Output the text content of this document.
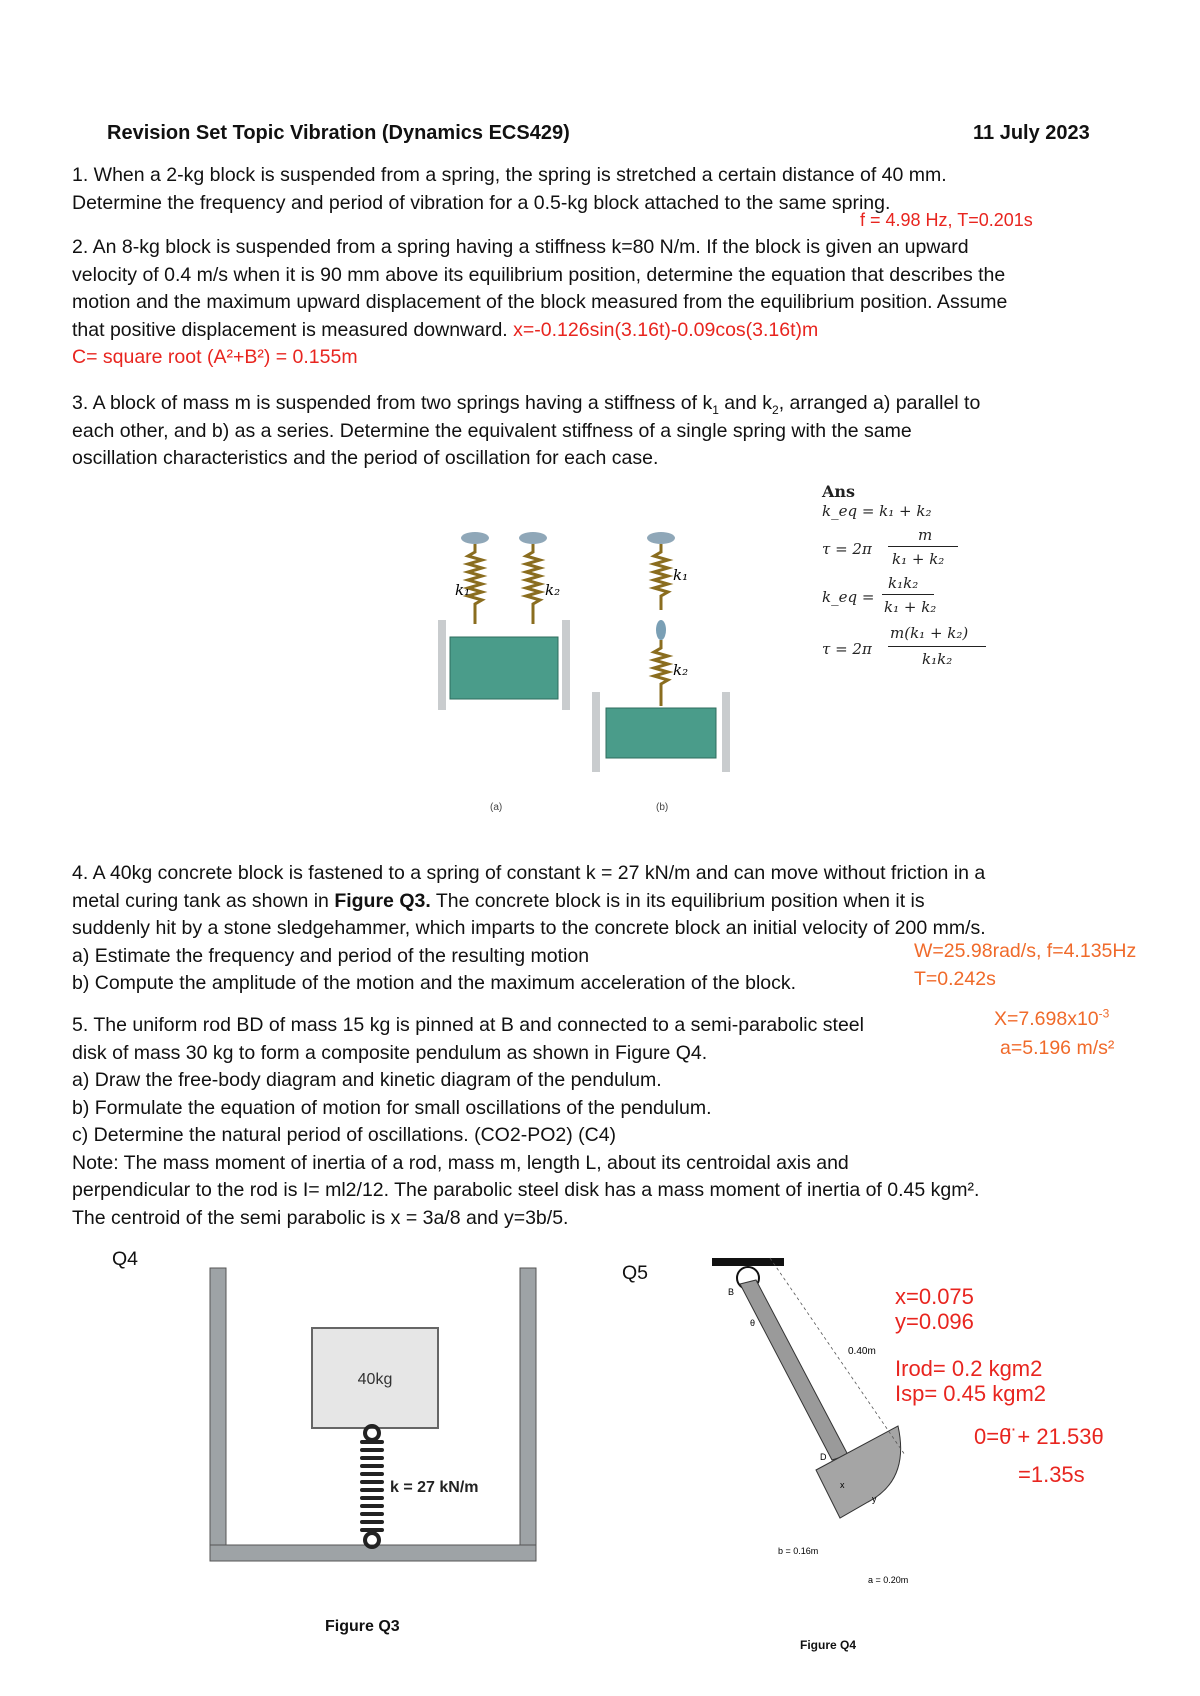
Revision Set Topic Vibration (Dynamics ECS429)	11 July 2023
1. When a 2-kg block is suspended from a spring, the spring is stretched a certain distance of 40 mm.
Determine the frequency and period of vibration for a 0.5-kg block attached to the same spring.
f = 4.98 Hz, T=0.201s
2. An 8-kg block is suspended from a spring having a stiffness k=80 N/m. If the block is given an upward
velocity of 0.4 m/s when it is 90 mm above its equilibrium position, determine the equation that describes the
motion and the maximum upward displacement of the block measured from the equilibrium position. Assume
that positive displacement is measured downward. x=-0.126sin(3.16t)-0.09cos(3.16t)m
C= square root (A²+B²) = 0.155m
3. A block of mass m is suspended from two springs having a stiffness of $k_1$ and $k_2$, arranged a) parallel to
each other, and b) as a series. Determine the equivalent stiffness of a single spring with the same
oscillation characteristics and the period of oscillation for each case.
k₁	k₂
(a)
k₁
k₂
(b)
Ans
k_eq = k₁ + k₂
τ = 2π
m
k₁ + k₂
k_eq =
k₁k₂
k₁ + k₂
τ = 2π
m(k₁ + k₂)
k₁k₂
4. A 40kg concrete block is fastened to a spring of constant k = 27 kN/m and can move without friction in a
metal curing tank as shown in Figure Q3. The concrete block is in its equilibrium position when it is
suddenly hit by a stone sledgehammer, which imparts to the concrete block an initial velocity of 200 mm/s.
a) Estimate the frequency and period of the resulting motion
b) Compute the amplitude of the motion and the maximum acceleration of the block.
W=25.98rad/s, f=4.135Hz
T=0.242s
5. The uniform rod BD of mass 15 kg is pinned at B and connected to a semi-parabolic steel
disk of mass 30 kg to form a composite pendulum as shown in Figure Q4.
a) Draw the free-body diagram and kinetic diagram of the pendulum.
b) Formulate the equation of motion for small oscillations of the pendulum.
c) Determine the natural period of oscillations. (CO2-PO2) (C4)
Note: The mass moment of inertia of a rod, mass m, length L, about its centroidal axis and
perpendicular to the rod is I= ml2/12. The parabolic steel disk has a mass moment of inertia of 0.45 kgm².
The centroid of the semi parabolic is x = 3a/8 and y=3b/5.
$X=7.698x10^{-3}$
a=5.196 m/s²
Q4
40kg
k = 27 kN/m
Figure Q3
Q5
B
θ
0.40m
D
x
y
b = 0.16m
a = 0.20m
Figure Q4
x=0.075
y=0.096
Irod= 0.2 kgm2
Isp= 0.45 kgm2
0=θ̈ + 21.53θ
=1.35s
